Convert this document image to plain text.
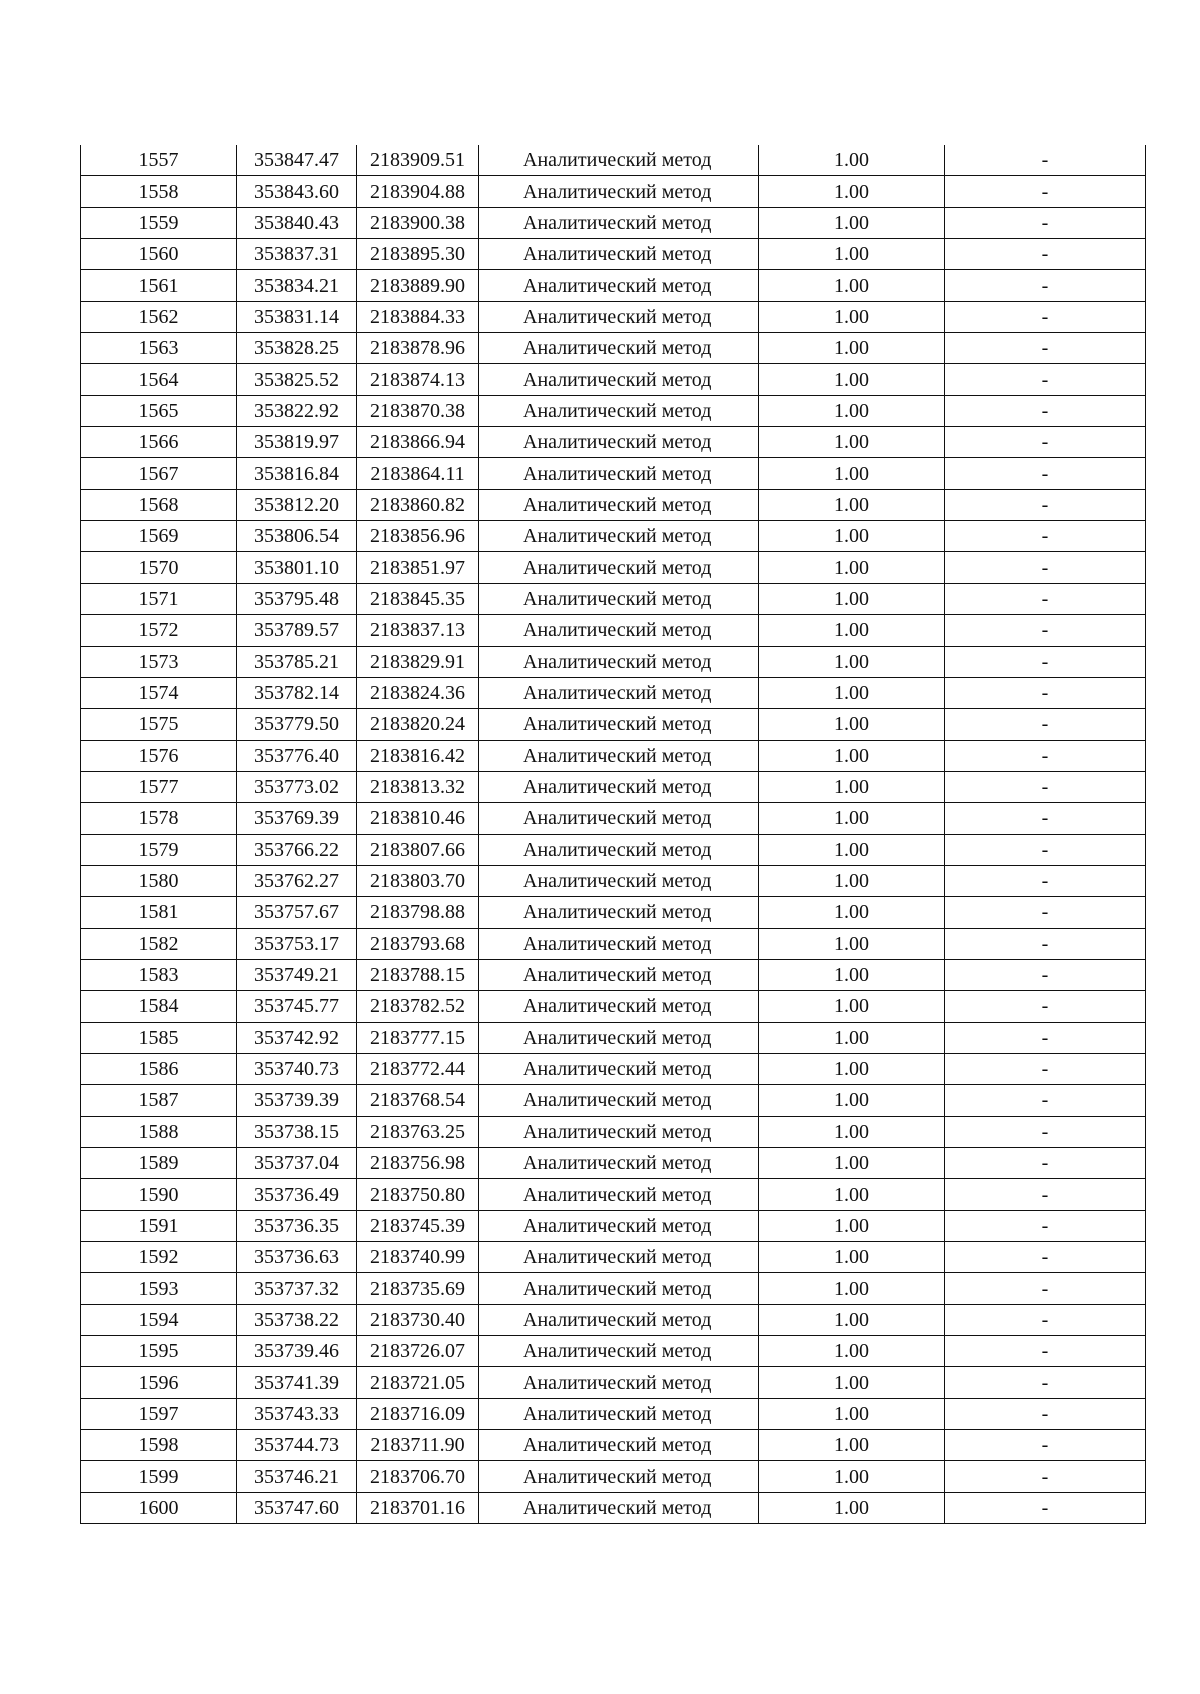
1557	353847.47	2183909.51	Аналитический метод	1.00	-
1558	353843.60	2183904.88	Аналитический метод	1.00	-
1559	353840.43	2183900.38	Аналитический метод	1.00	-
1560	353837.31	2183895.30	Аналитический метод	1.00	-
1561	353834.21	2183889.90	Аналитический метод	1.00	-
1562	353831.14	2183884.33	Аналитический метод	1.00	-
1563	353828.25	2183878.96	Аналитический метод	1.00	-
1564	353825.52	2183874.13	Аналитический метод	1.00	-
1565	353822.92	2183870.38	Аналитический метод	1.00	-
1566	353819.97	2183866.94	Аналитический метод	1.00	-
1567	353816.84	2183864.11	Аналитический метод	1.00	-
1568	353812.20	2183860.82	Аналитический метод	1.00	-
1569	353806.54	2183856.96	Аналитический метод	1.00	-
1570	353801.10	2183851.97	Аналитический метод	1.00	-
1571	353795.48	2183845.35	Аналитический метод	1.00	-
1572	353789.57	2183837.13	Аналитический метод	1.00	-
1573	353785.21	2183829.91	Аналитический метод	1.00	-
1574	353782.14	2183824.36	Аналитический метод	1.00	-
1575	353779.50	2183820.24	Аналитический метод	1.00	-
1576	353776.40	2183816.42	Аналитический метод	1.00	-
1577	353773.02	2183813.32	Аналитический метод	1.00	-
1578	353769.39	2183810.46	Аналитический метод	1.00	-
1579	353766.22	2183807.66	Аналитический метод	1.00	-
1580	353762.27	2183803.70	Аналитический метод	1.00	-
1581	353757.67	2183798.88	Аналитический метод	1.00	-
1582	353753.17	2183793.68	Аналитический метод	1.00	-
1583	353749.21	2183788.15	Аналитический метод	1.00	-
1584	353745.77	2183782.52	Аналитический метод	1.00	-
1585	353742.92	2183777.15	Аналитический метод	1.00	-
1586	353740.73	2183772.44	Аналитический метод	1.00	-
1587	353739.39	2183768.54	Аналитический метод	1.00	-
1588	353738.15	2183763.25	Аналитический метод	1.00	-
1589	353737.04	2183756.98	Аналитический метод	1.00	-
1590	353736.49	2183750.80	Аналитический метод	1.00	-
1591	353736.35	2183745.39	Аналитический метод	1.00	-
1592	353736.63	2183740.99	Аналитический метод	1.00	-
1593	353737.32	2183735.69	Аналитический метод	1.00	-
1594	353738.22	2183730.40	Аналитический метод	1.00	-
1595	353739.46	2183726.07	Аналитический метод	1.00	-
1596	353741.39	2183721.05	Аналитический метод	1.00	-
1597	353743.33	2183716.09	Аналитический метод	1.00	-
1598	353744.73	2183711.90	Аналитический метод	1.00	-
1599	353746.21	2183706.70	Аналитический метод	1.00	-
1600	353747.60	2183701.16	Аналитический метод	1.00	-
